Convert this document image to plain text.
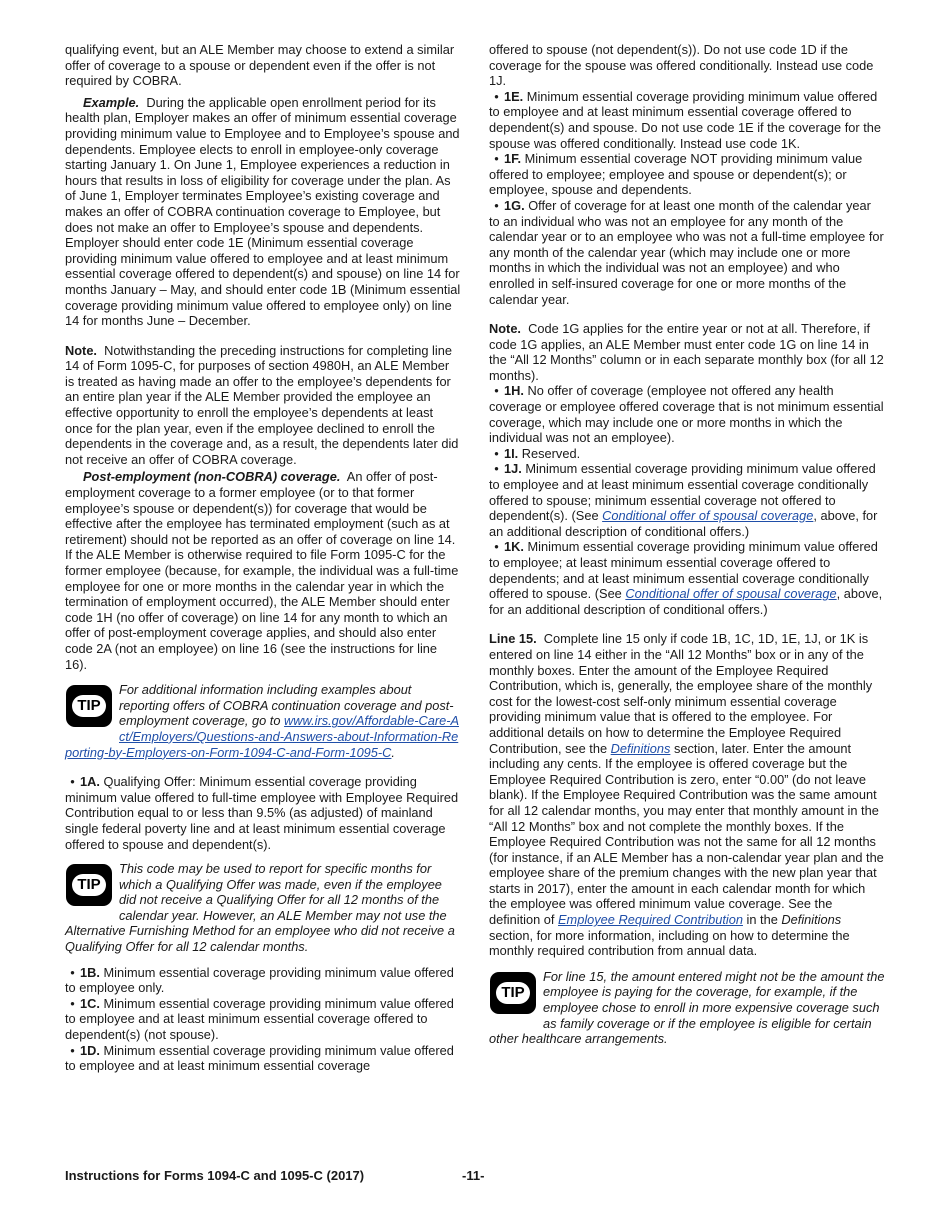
qualifying event, but an ALE Member may choose to extend a similar offer of coverage to a spouse or dependent even if the offer is not required by COBRA.

Example. During the applicable open enrollment period for its health plan, Employer makes an offer of minimum essential coverage providing minimum value to Employee and to Employee’s spouse and dependents. Employee elects to enroll in employee-only coverage starting January 1. On June 1, Employee experiences a reduction in hours that results in loss of eligibility for coverage under the plan. As of June 1, Employer terminates Employee’s existing coverage and makes an offer of COBRA continuation coverage to Employee, but does not make an offer to Employee’s spouse and dependents. Employer should enter code 1E (Minimum essential coverage providing minimum value offered to employee and at least minimum essential coverage offered to dependent(s) and spouse) on line 14 for months January – May, and should enter code 1B (Minimum essential coverage providing minimum value offered to employee only) on line 14 for months June – December.

Note. Notwithstanding the preceding instructions for completing line 14 of Form 1095-C, for purposes of section 4980H, an ALE Member is treated as having made an offer to the employee’s dependents for an entire plan year if the ALE Member provided the employee an effective opportunity to enroll the employee’s dependents at least once for the plan year, even if the employee declined to enroll the dependents in the coverage and, as a result, the dependents later did not receive an offer of COBRA coverage.

Post-employment (non-COBRA) coverage. An offer of post-employment coverage to a former employee (or to that former employee’s spouse or dependent(s)) for coverage that would be effective after the employee has terminated employment (such as at retirement) should not be reported as an offer of coverage on line 14. If the ALE Member is otherwise required to file Form 1095-C for the former employee (because, for example, the individual was a full-time employee for one or more months in the calendar year in which the termination of employment occurred), the ALE Member should enter code 1H (no offer of coverage) on line 14 for any month to which an offer of post-employment coverage applies, and should also enter code 2A (not an employee) on line 16 (see the instructions for line 16).

TIP
For additional information including examples about reporting offers of COBRA continuation coverage and post-employment coverage, go to www.irs.gov/Affordable-Care-Act/Employers/Questions-and-Answers-about-Information-Reporting-by-Employers-on-Form-1094-C-and-Form-1095-C.

• 1A. Qualifying Offer: Minimum essential coverage providing minimum value offered to full-time employee with Employee Required Contribution equal to or less than 9.5% (as adjusted) of mainland single federal poverty line and at least minimum essential coverage offered to spouse and dependent(s).

TIP
This code may be used to report for specific months for which a Qualifying Offer was made, even if the employee did not receive a Qualifying Offer for all 12 months of the calendar year. However, an ALE Member may not use the Alternative Furnishing Method for an employee who did not receive a Qualifying Offer for all 12 calendar months.

• 1B. Minimum essential coverage providing minimum value offered to employee only.

• 1C. Minimum essential coverage providing minimum value offered to employee and at least minimum essential coverage offered to dependent(s) (not spouse).

• 1D. Minimum essential coverage providing minimum value offered to employee and at least minimum essential coverage

offered to spouse (not dependent(s)). Do not use code 1D if the coverage for the spouse was offered conditionally. Instead use code 1J.

• 1E. Minimum essential coverage providing minimum value offered to employee and at least minimum essential coverage offered to dependent(s) and spouse. Do not use code 1E if the coverage for the spouse was offered conditionally. Instead use code 1K.

• 1F. Minimum essential coverage NOT providing minimum value offered to employee; employee and spouse or dependent(s); or employee, spouse and dependents.

• 1G. Offer of coverage for at least one month of the calendar year to an individual who was not an employee for any month of the calendar year or to an employee who was not a full-time employee for any month of the calendar year (which may include one or more months in which the individual was not an employee) and who enrolled in self-insured coverage for one or more months of the calendar year.

Note. Code 1G applies for the entire year or not at all. Therefore, if code 1G applies, an ALE Member must enter code 1G on line 14 in the “All 12 Months” column or in each separate monthly box (for all 12 months).

• 1H. No offer of coverage (employee not offered any health coverage or employee offered coverage that is not minimum essential coverage, which may include one or more months in which the individual was not an employee).

• 1I. Reserved.

• 1J. Minimum essential coverage providing minimum value offered to employee and at least minimum essential coverage conditionally offered to spouse; minimum essential coverage not offered to dependent(s). (See Conditional offer of spousal coverage, above, for an additional description of conditional offers.)

• 1K. Minimum essential coverage providing minimum value offered to employee; at least minimum essential coverage offered to dependents; and at least minimum essential coverage conditionally offered to spouse. (See Conditional offer of spousal coverage, above, for an additional description of conditional offers.)

Line 15. Complete line 15 only if code 1B, 1C, 1D, 1E, 1J, or 1K is entered on line 14 either in the “All 12 Months” box or in any of the monthly boxes. Enter the amount of the Employee Required Contribution, which is, generally, the employee share of the monthly cost for the lowest-cost self-only minimum essential coverage providing minimum value that is offered to the employee. For additional details on how to determine the Employee Required Contribution, see the Definitions section, later. Enter the amount including any cents. If the employee is offered coverage but the Employee Required Contribution is zero, enter “0.00” (do not leave blank). If the Employee Required Contribution was the same amount for all 12 calendar months, you may enter that monthly amount in the “All 12 Months” box and not complete the monthly boxes. If the Employee Required Contribution was not the same for all 12 months (for instance, if an ALE Member has a non-calendar year plan and the employee share of the premium changes with the new plan year that starts in 2017), enter the amount in each calendar month for which the employee was offered minimum value coverage. See the definition of Employee Required Contribution in the Definitions section, for more information, including on how to determine the monthly required contribution from annual data.

TIP
For line 15, the amount entered might not be the amount the employee is paying for the coverage, for example, if the employee chose to enroll in more expensive coverage such as family coverage or if the employee is eligible for certain other healthcare arrangements.
Instructions for Forms 1094-C and 1095-C (2017)	-11-
